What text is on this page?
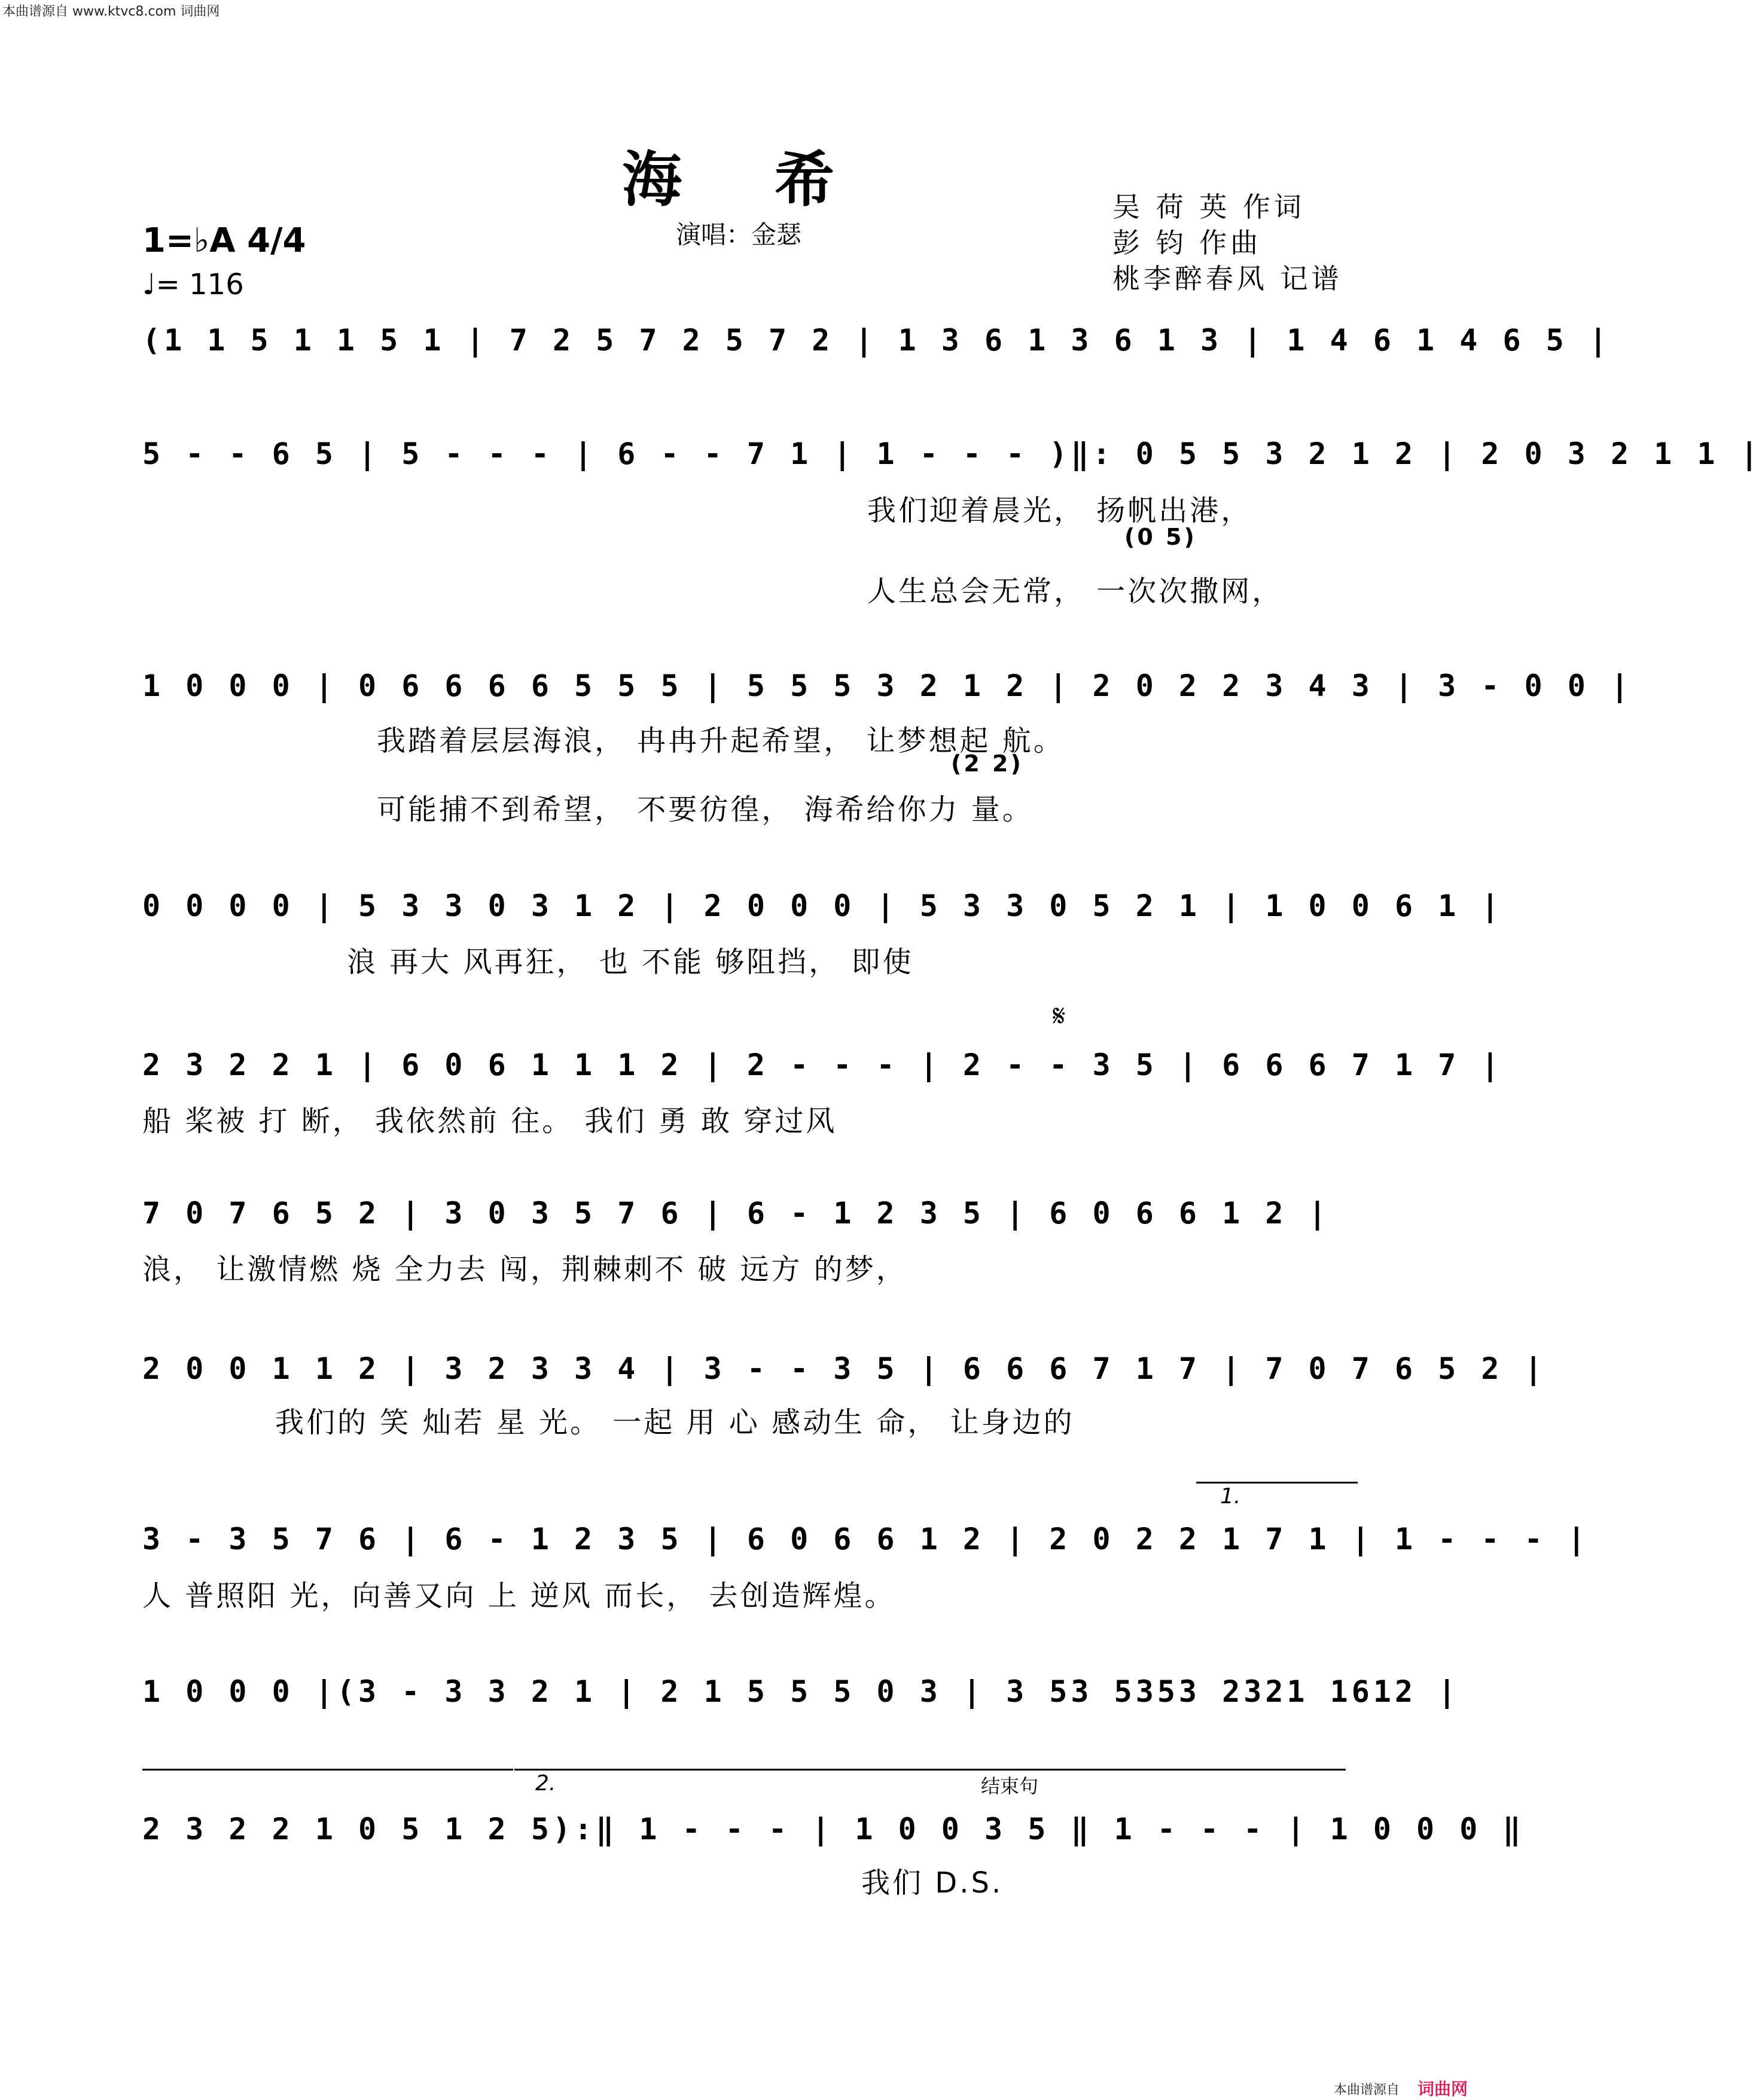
本曲谱源自 www.ktvc8.com 词曲网
本曲谱源自 词曲网
海 希
演唱：金瑟
吴 荷 英 作词
彭 钧 作曲
桃李醉春风 记谱
1=♭A 4/4
♩= 116
(1 1 5 1 1 5 1 | 7 2 5 7 2 5 7 2 | 1 3 6 1 3 6 1 3 | 1 4 6 1 4 6 5 |
5 - - 6 5 | 5 - - - | 6 - - 7 1 | 1 - - - )‖: 0 5 5 3 2 1 2 | 2 0 3 2 1 1 |
我们迎着晨光， 扬帆出港，
(0 5)
人生总会无常， 一次次撒网，
1 0 0 0 | 0 6 6 6 6 5 5 5 | 5 5 5 3 2 1 2 | 2 0 2 2 3 4 3 | 3 - 0 0 |
我踏着层层海浪， 冉冉升起希望， 让梦想起 航。
(2 2)
可能捕不到希望， 不要彷徨， 海希给你力 量。
0 0 0 0 | 5 3 3 0 3 1 2 | 2 0 0 0 | 5 3 3 0 5 2 1 | 1 0 0 6 1 |
浪 再大 风再狂， 也 不能 够阻挡， 即使
𝄋
2 3 2 2 1 | 6 0 6 1 1 1 2 | 2 - - - | 2 - - 3 5 | 6 6 6 7 1 7 |
船 桨被 打 断， 我依然前 往。 我们 勇 敢 穿过风
7 0 7 6 5 2 | 3 0 3 5 7 6 | 6 - 1 2 3 5 | 6 0 6 6 1 2 |
浪， 让激情燃 烧 全力去 闯，荆棘刺不 破 远方 的梦，
2 0 0 1 1 2 | 3 2 3 3 4 | 3 - - 3 5 | 6 6 6 7 1 7 | 7 0 7 6 5 2 |
我们的 笑 灿若 星 光。 一起 用 心 感动生 命， 让身边的
1.
3 - 3 5 7 6 | 6 - 1 2 3 5 | 6 0 6 6 1 2 | 2 0 2 2 1 7 1 | 1 - - - |
人 普照阳 光，向善又向 上 逆风 而长， 去创造辉煌。
1 0 0 0 |(3 - 3 3 2 1 | 2 1 5 5 5 0 3 | 3 53 5353 2321 1612 |
2.	结束句
2 3 2 2 1 0 5 1 2 5):‖ 1 - - - | 1 0 0 3 5 ‖ 1 - - - | 1 0 0 0 ‖
我们 D.S.
